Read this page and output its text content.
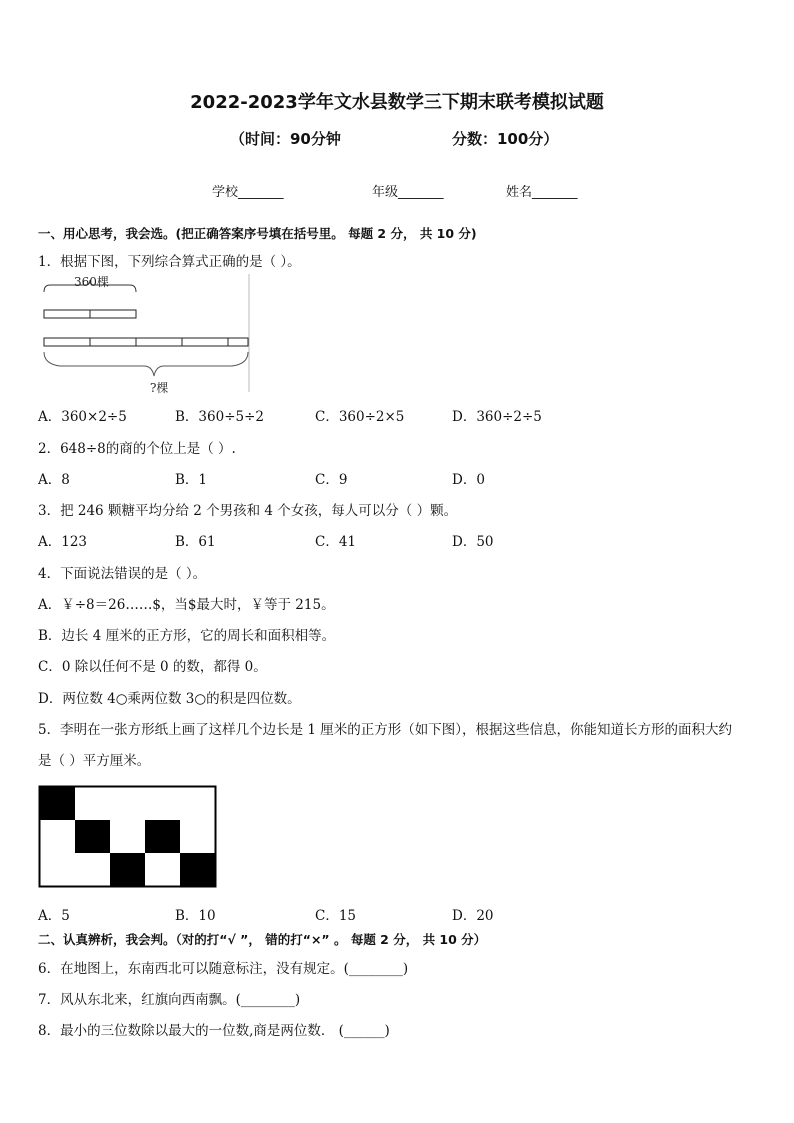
2022-2023学年文水县数学三下期末联考模拟试题
（时间：90分钟	分数：100分）
学校_______	年级_______	姓名_______
一、用心思考，我会选。(把正确答案序号填在括号里。 每题 2 分， 共 10 分)
1．根据下图，下列综合算式正确的是（ ）。
360棵
?棵
A．360×2÷5	B．360÷5÷2	C．360÷2×5	D．360÷2÷5
2．648÷8的商的个位上是（ ）.
A．8	B．1	C．9	D．0
3．把 246 颗糖平均分给 2 个男孩和 4 个女孩，每人可以分（ ）颗。
A．123	B．61	C．41	D．50
4．下面说法错误的是（ ）。
A．￥÷8＝26……$，当$最大时，￥等于 215。
B．边长 4 厘米的正方形，它的周长和面积相等。
C．0 除以任何不是 0 的数，都得 0。
D．两位数 4○乘两位数 3○的积是四位数。
5．李明在一张方形纸上画了这样几个边长是 1 厘米的正方形（如下图），根据这些信息，你能知道长方形的面积大约
是（ ）平方厘米。
A．5	B．10	C．15	D．20
二、认真辨析，我会判。（对的打“√ ”， 错的打“×” 。 每题 2 分， 共 10 分）
6．在地图上，东南西北可以随意标注，没有规定。(________)
7．风从东北来，红旗向西南飘。(________)
8．最小的三位数除以最大的一位数,商是两位数． (______)
